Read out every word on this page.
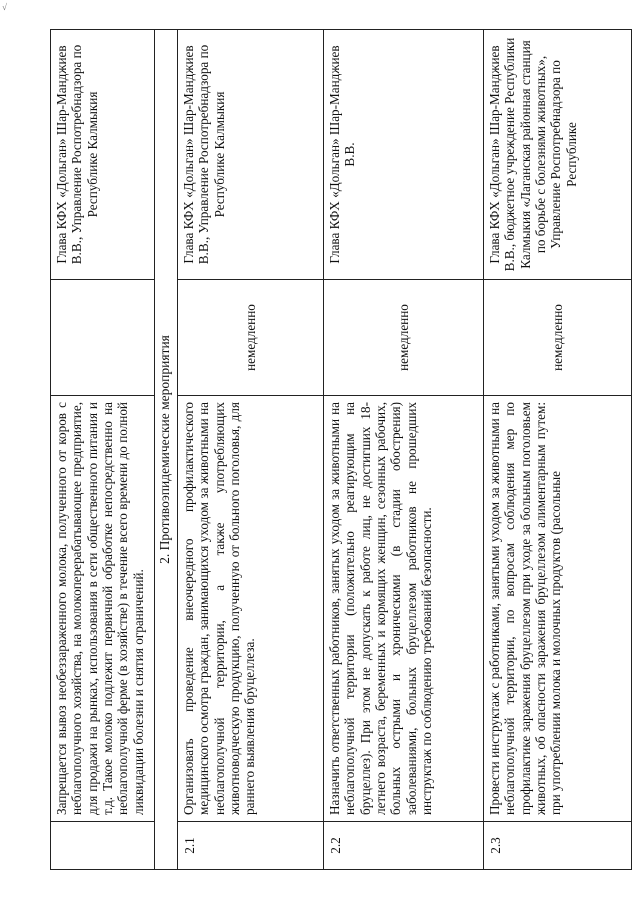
√
	Запрещается вывоз необеззараженного молока, полученного от коров с неблагополучного хозяйства, на молокоперерабатывающее предприятие, для продажи на рынках, использования в сети общественного питания и т.д. Такое молоко подлежит первичной обработке непосредственно на неблагополучной ферме (в хозяйстве) в течение всего времени до полной ликвидации болезни и снятия ограничений.		Глава КФХ «Дольган» Шар-Манджиев В.В., Управление Роспотребнадзора по Республике Калмыкия
2. Противоэпидемические мероприятия			
2.1	Организовать проведение внеочередного профилактического медицинского осмотра граждан, занимающихся уходом за животными на неблагополучной территории, а также употребляющих животноводческую продукцию, полученную от больного поголовья, для раннего выявления бруцеллеза.	немедленно	Глава КФХ «Дольган» Шар-Манджиев В.В., Управление Роспотребнадзора по Республике Калмыкия
2.2	Назначить ответственных работников, занятых уходом за животными на неблагополучной территории (положительно реагирующим на бруцеллез). При этом не допускать к работе лиц, не достигших 18-летнего возраста, беременных и кормящих женщин, сезонных рабочих, больных острыми и хроническими (в стадии обострения) заболеваниями, больных бруцеллезом работников не прошедших инструктаж по соблюдению требований безопасности.	немедленно	Глава КФХ «Дольган» Шар-Манджиев В.В.
2.3	Провести инструктаж с работниками, занятыми уходом за животными на неблагополучной территории, по вопросам соблюдения мер по профилактике заражения бруцеллезом при уходе за больным поголовьем животных, об опасности заражения бруцеллезом алиментарным путем: при употреблении молока и молочных продуктов (расольные	немедленно	Глава КФХ «Дольган» Шар-Манджиев В.В., бюджетное учреждение Республики Калмыкия «Лаганская районная станция по борьбе с болезнями животных», Управление Роспотребнадзора по Республике
